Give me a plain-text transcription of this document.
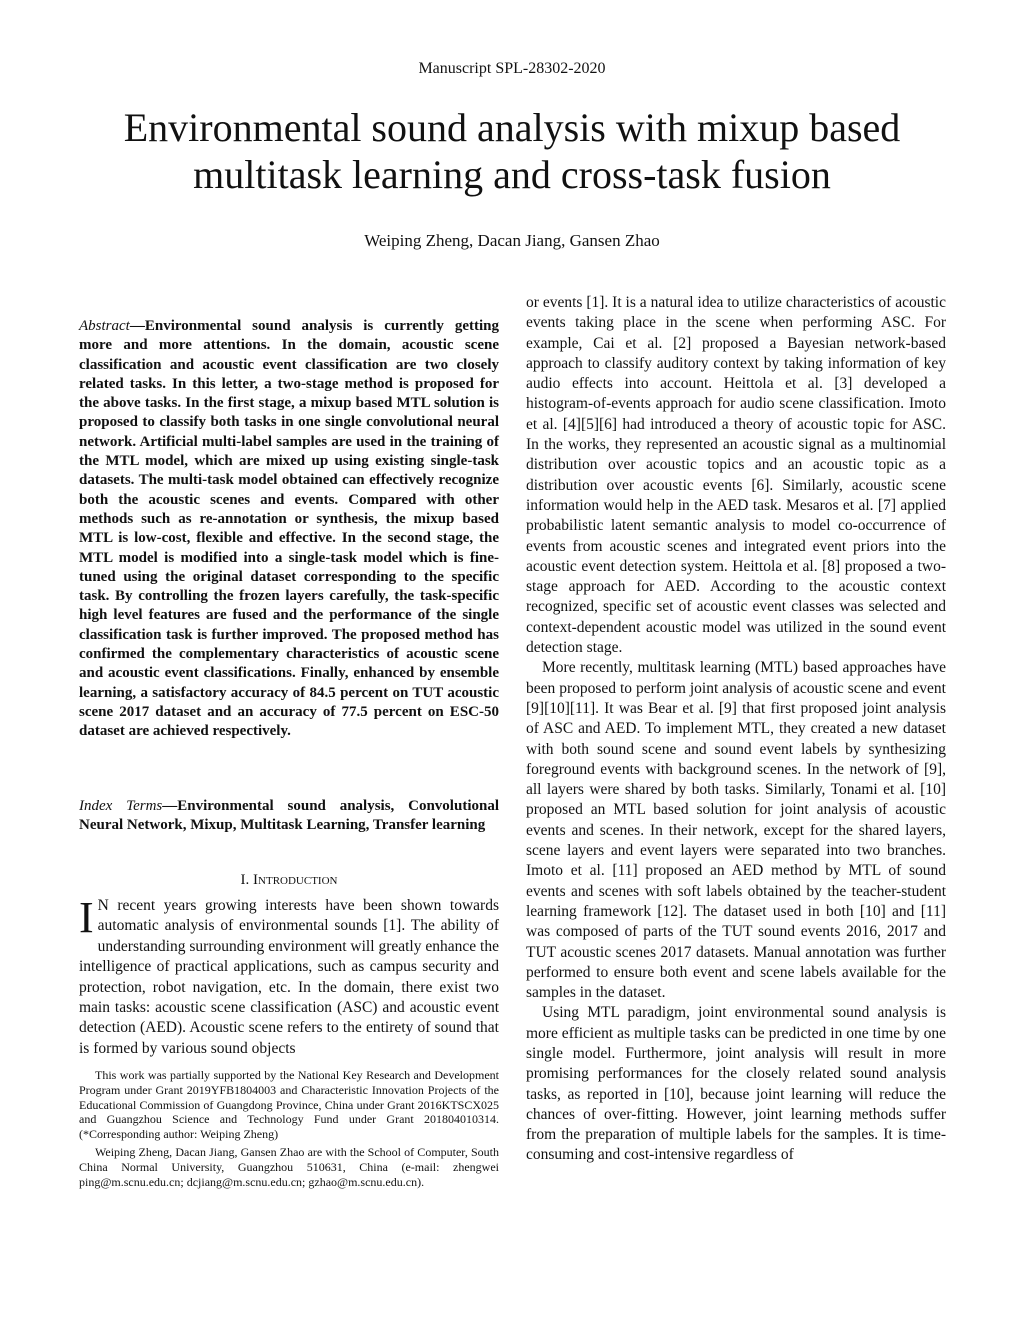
Manuscript SPL-28302-2020
Environmental sound analysis with mixup based multitask learning and cross-task fusion
Weiping Zheng, Dacan Jiang, Gansen Zhao

Abstract—Environmental sound analysis is currently getting more and more attentions. In the domain, acoustic scene classification and acoustic event classification are two closely related tasks. In this letter, a two-stage method is proposed for the above tasks. In the first stage, a mixup based MTL solution is proposed to classify both tasks in one single convolutional neural network. Artificial multi-label samples are used in the training of the MTL model, which are mixed up using existing single-task datasets. The multi-task model obtained can effectively recognize both the acoustic scenes and events. Compared with other methods such as re-annotation or synthesis, the mixup based MTL is low-cost, flexible and effective. In the second stage, the MTL model is modified into a single-task model which is fine-tuned using the original dataset corresponding to the specific task. By controlling the frozen layers carefully, the task-specific high level features are fused and the performance of the single classification task is further improved. The proposed method has confirmed the complementary characteristics of acoustic scene and acoustic event classifications. Finally, enhanced by ensemble learning, a satisfactory accuracy of 84.5 percent on TUT acoustic scene 2017 dataset and an accuracy of 77.5 percent on ESC-50 dataset are achieved respectively.

Index Terms—Environmental sound analysis, Convolutional Neural Network, Mixup, Multitask Learning, Transfer learning

I. Introduction

I N recent years growing interests have been shown towards automatic analysis of environmental sounds [1]. The ability of understanding surrounding environment will greatly enhance the intelligence of practical applications, such as campus security and protection, robot navigation, etc. In the domain, there exist two main tasks: acoustic scene classification (ASC) and acoustic event detection (AED). Acoustic scene refers to the entirety of sound that is formed by various sound objects

This work was partially supported by the National Key Research and Development Program under Grant 2019YFB1804003 and Characteristic Innovation Projects of the Educational Commission of Guangdong Province, China under Grant 2016KTSCX025 and Guangzhou Science and Technology Fund under Grant 201804010314. (*Corresponding author: Weiping Zheng)

Weiping Zheng, Dacan Jiang, Gansen Zhao are with the School of Computer, South China Normal University, Guangzhou 510631, China (e-mail: zhengwei ping@m.scnu.edu.cn; dcjiang@m.scnu.edu.cn; gzhao@m.scnu.edu.cn).

or events [1]. It is a natural idea to utilize characteristics of acoustic events taking place in the scene when performing ASC. For example, Cai et al. [2] proposed a Bayesian network-based approach to classify auditory context by taking information of key audio effects into account. Heittola et al. [3] developed a histogram-of-events approach for audio scene classification. Imoto et al. [4][5][6] had introduced a theory of acoustic topic for ASC. In the works, they represented an acoustic signal as a multinomial distribution over acoustic topics and an acoustic topic as a distribution over acoustic events [6]. Similarly, acoustic scene information would help in the AED task. Mesaros et al. [7] applied probabilistic latent semantic analysis to model co-occurrence of events from acoustic scenes and integrated event priors into the acoustic event detection system. Heittola et al. [8] proposed a two-stage approach for AED. According to the acoustic context recognized, specific set of acoustic event classes was selected and context-dependent acoustic model was utilized in the sound event detection stage.

More recently, multitask learning (MTL) based approaches have been proposed to perform joint analysis of acoustic scene and event [9][10][11]. It was Bear et al. [9] that first proposed joint analysis of ASC and AED. To implement MTL, they created a new dataset with both sound scene and sound event labels by synthesizing foreground events with background scenes. In the network of [9], all layers were shared by both tasks. Similarly, Tonami et al. [10] proposed an MTL based solution for joint analysis of acoustic events and scenes. In their network, except for the shared layers, scene layers and event layers were separated into two branches. Imoto et al. [11] proposed an AED method by MTL of sound events and scenes with soft labels obtained by the teacher-student learning framework [12]. The dataset used in both [10] and [11] was composed of parts of the TUT sound events 2016, 2017 and TUT acoustic scenes 2017 datasets. Manual annotation was further performed to ensure both event and scene labels available for the samples in the dataset.

Using MTL paradigm, joint environmental sound analysis is more efficient as multiple tasks can be predicted in one time by one single model. Furthermore, joint analysis will result in more promising performances for the closely related sound analysis tasks, as reported in [10], because joint learning will reduce the chances of over-fitting. However, joint learning methods suffer from the preparation of multiple labels for the samples. It is time-consuming and cost-intensive regardless of
